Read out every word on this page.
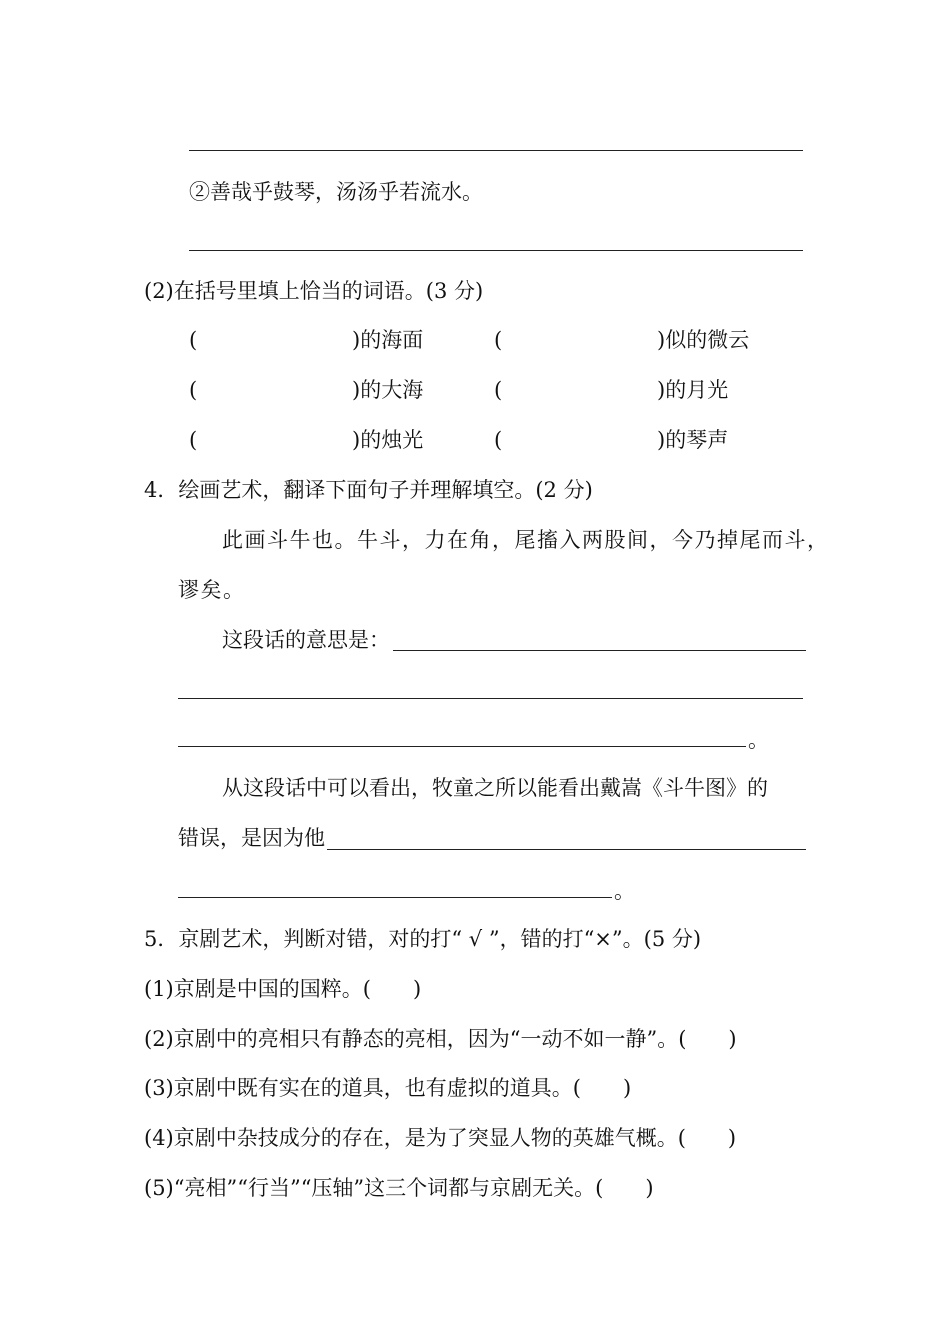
②善哉乎鼓琴，汤汤乎若流水。
(2)在括号里填上恰当的词语。(3 分)
(	)的海面	(	)似的微云
(	)的大海	(	)的月光
(	)的烛光	(	)的琴声
4．绘画艺术，翻译下面句子并理解填空。(2 分)
此画斗牛也。牛斗，力在角，尾搐入两股间，今乃掉尾而斗，
谬矣。
这段话的意思是：
。
从这段话中可以看出，牧童之所以能看出戴嵩《斗牛图》的
错误，是因为他
。
5．京剧艺术，判断对错，对的打“ √ ”，错的打“×”。(5 分)
(1)京剧是中国的国粹。(　　)
(2)京剧中的亮相只有静态的亮相，因为“一动不如一静”。(　　)
(3)京剧中既有实在的道具，也有虚拟的道具。(　　)
(4)京剧中杂技成分的存在，是为了突显人物的英雄气概。(　　)
(5)“亮相”“行当”“压轴”这三个词都与京剧无关。(　　)
